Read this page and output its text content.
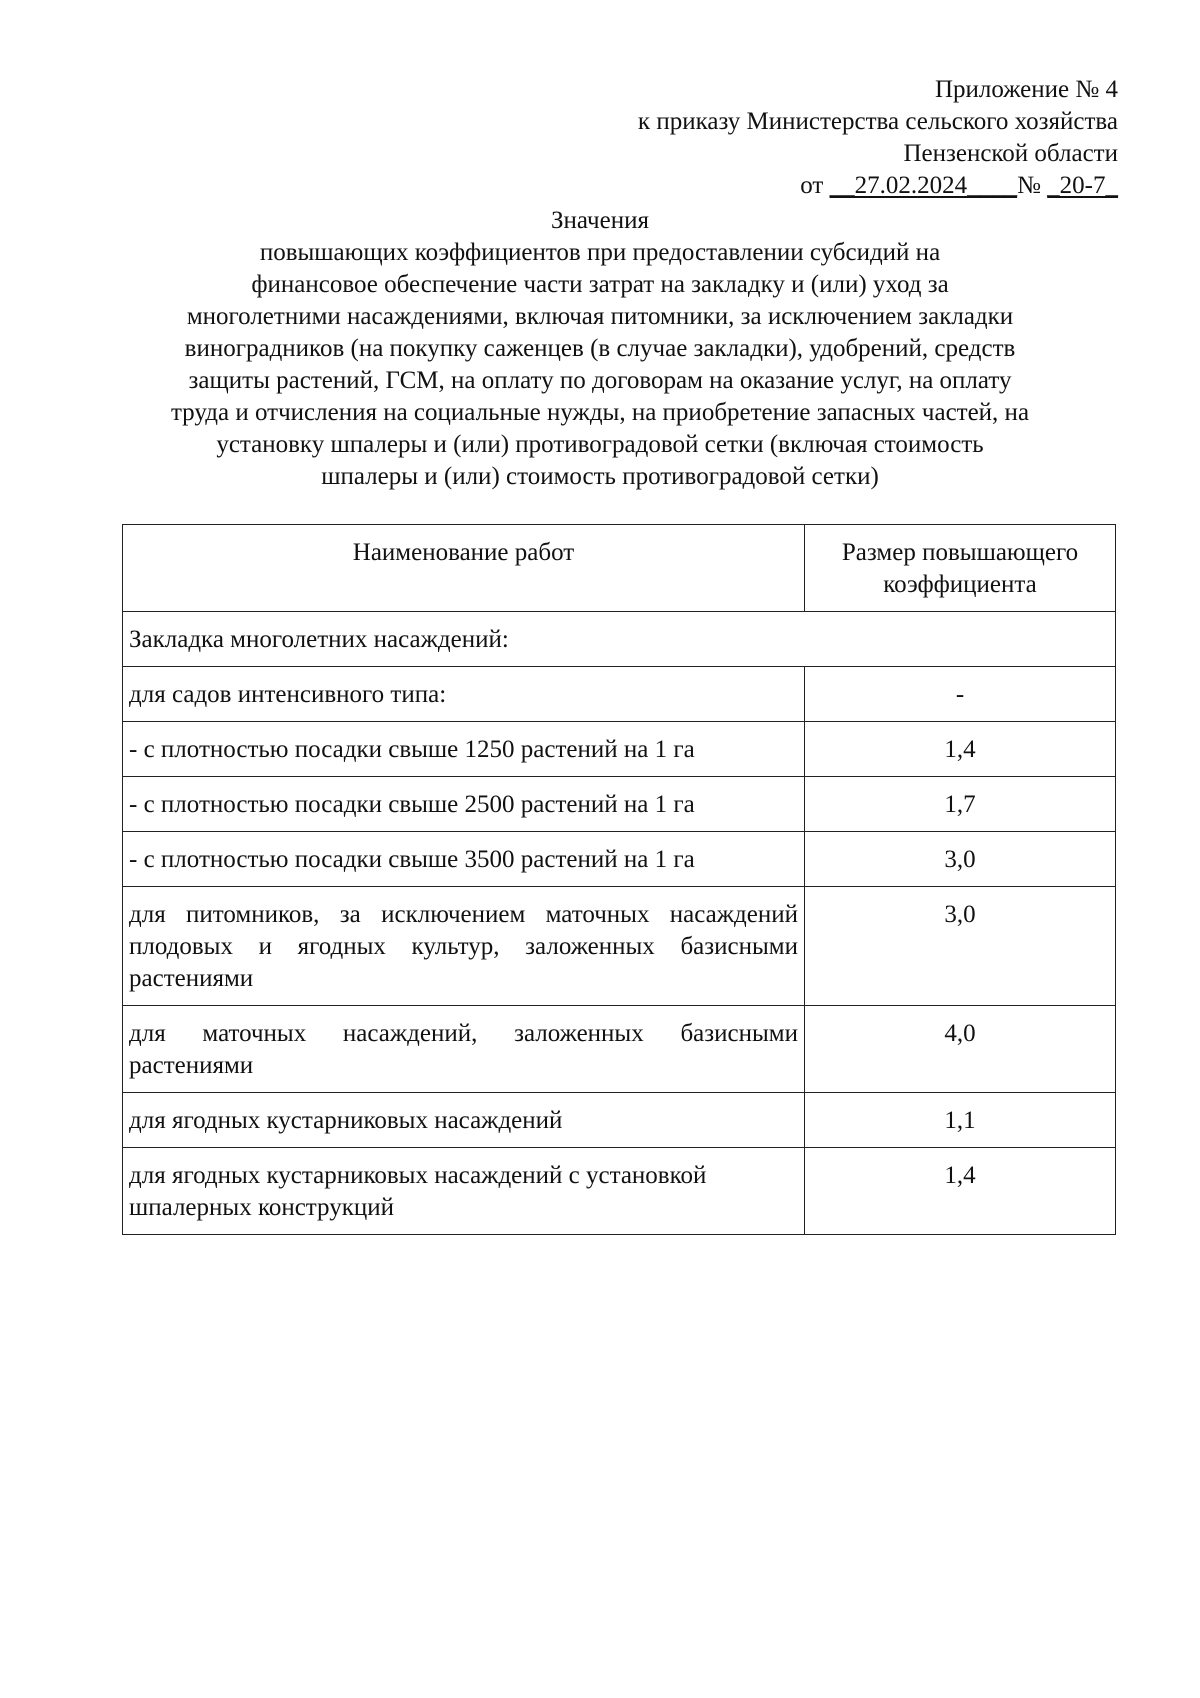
Приложение № 4
к приказу Министерства сельского хозяйства
Пензенской области
от __27.02.2024____№ _20-7_
Значения
повышающих коэффициентов при предоставлении субсидий на
финансовое обеспечение части затрат на закладку и (или) уход за
многолетними насаждениями, включая питомники, за исключением закладки
виноградников (на покупку саженцев (в случае закладки), удобрений, средств
защиты растений, ГСМ, на оплату по договорам на оказание услуг, на оплату
труда и отчисления на социальные нужды, на приобретение запасных частей, на
установку шпалеры и (или) противоградовой сетки (включая стоимость
шпалеры и (или) стоимость противоградовой сетки)
Наименование работ	Размер повышающего коэффициента
Закладка многолетних насаждений:	
для садов интенсивного типа:	-
- с плотностью посадки свыше 1250 растений на 1 га	1,4
- с плотностью посадки свыше 2500 растений на 1 га	1,7
- с плотностью посадки свыше 3500 растений на 1 га	3,0
для питомников, за исключением маточных насаждений плодовых и ягодных культур, заложенных базисными растениями	3,0
для маточных насаждений, заложенных базисными растениями	4,0
для ягодных кустарниковых насаждений	1,1
для ягодных кустарниковых насаждений с установкой шпалерных конструкций	1,4
